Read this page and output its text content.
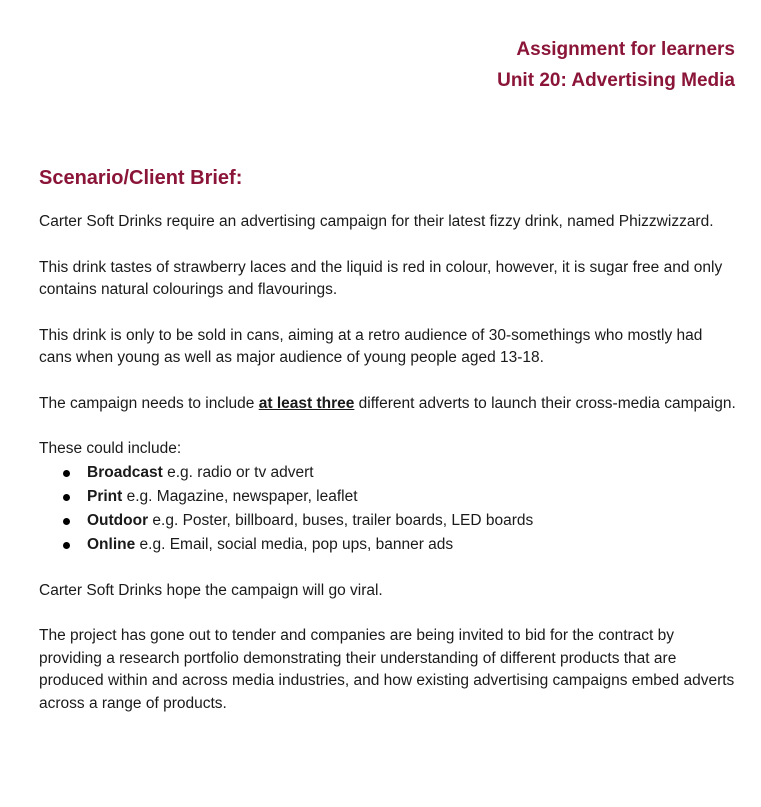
Assignment for learners
Unit 20: Advertising Media
Scenario/Client Brief:

Carter Soft Drinks require an advertising campaign for their latest fizzy drink, named Phizzwizzard.

This drink tastes of strawberry laces and the liquid is red in colour, however, it is sugar free and only contains natural colourings and flavourings.

This drink is only to be sold in cans, aiming at a retro audience of 30-somethings who mostly had cans when young as well as major audience of young people aged 13-18.

The campaign needs to include at least three different adverts to launch their cross-media campaign.

These could include:

Broadcast e.g. radio or tv advert
Print e.g. Magazine, newspaper, leaflet
Outdoor e.g. Poster, billboard, buses, trailer boards, LED boards
Online e.g. Email, social media, pop ups, banner ads

Carter Soft Drinks hope the campaign will go viral.

The project has gone out to tender and companies are being invited to bid for the contract by providing a research portfolio demonstrating their understanding of different products that are produced within and across media industries, and how existing advertising campaigns embed adverts across a range of products.
